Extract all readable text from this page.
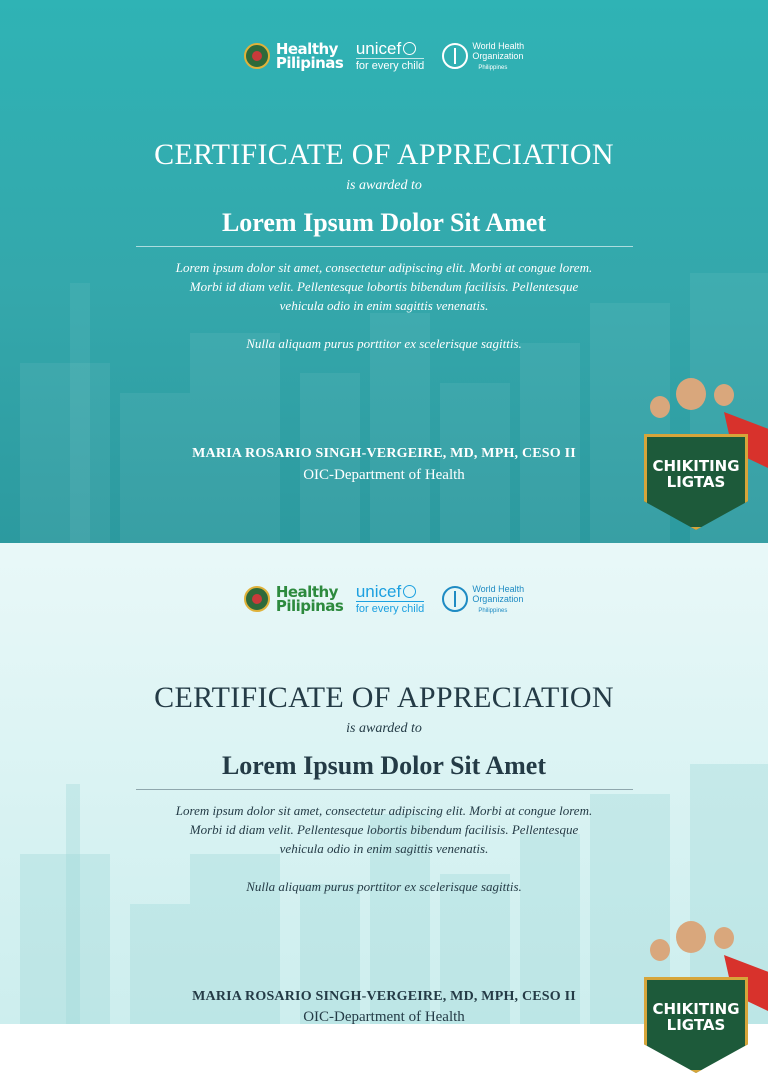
Healthy Pilipinas
unicef
for every child
World Health
Organization
Philippines
CERTIFICATE OF APPRECIATION
is awarded to
Lorem Ipsum Dolor Sit Amet

Lorem ipsum dolor sit amet, consectetur adipiscing elit. Morbi at congue lorem.

Morbi id diam velit. Pellentesque lobortis bibendum facilisis. Pellentesque

vehicula odio in enim sagittis venenatis.

Nulla aliquam purus porttitor ex scelerisque sagittis.

MARIA ROSARIO SINGH-VERGEIRE, MD, MPH, CESO II
OIC-Department of Health	CHIKITING
LIGTAS
Healthy Pilipinas
unicef
for every child
World Health
Organization
Philippines
CERTIFICATE OF APPRECIATION
is awarded to
Lorem Ipsum Dolor Sit Amet

Lorem ipsum dolor sit amet, consectetur adipiscing elit. Morbi at congue lorem.

Morbi id diam velit. Pellentesque lobortis bibendum facilisis. Pellentesque

vehicula odio in enim sagittis venenatis.

Nulla aliquam purus porttitor ex scelerisque sagittis.

MARIA ROSARIO SINGH-VERGEIRE, MD, MPH, CESO II
OIC-Department of Health	CHIKITING
LIGTAS
